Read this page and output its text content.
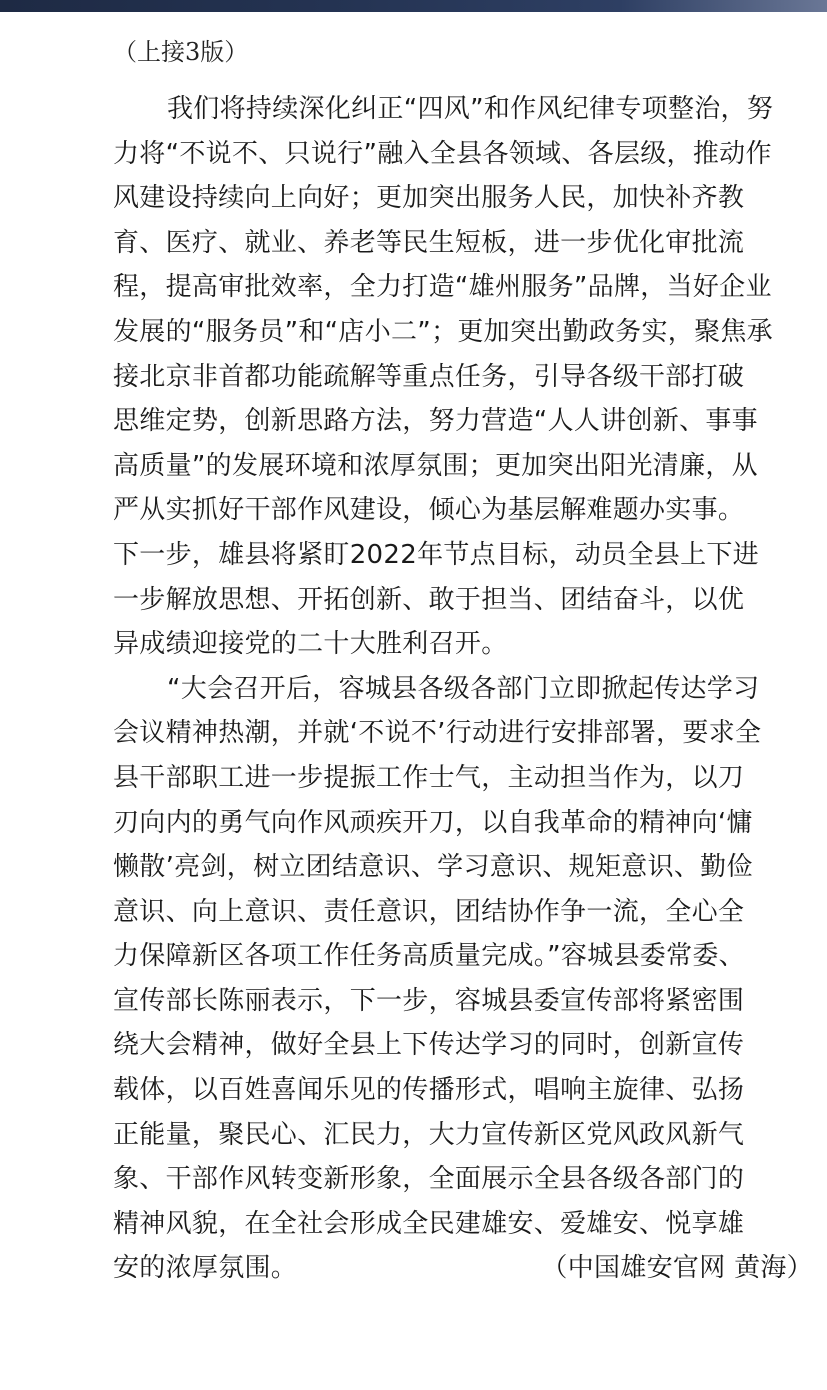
（上接3版）
我们将持续深化纠正“四风”和作风纪律专项整治，努
力将“不说不、只说行”融入全县各领域、各层级，推动作
风建设持续向上向好；更加突出服务人民，加快补齐教
育、医疗、就业、养老等民生短板，进一步优化审批流
程，提高审批效率，全力打造“雄州服务”品牌，当好企业
发展的“服务员”和“店小二”；更加突出勤政务实，聚焦承
接北京非首都功能疏解等重点任务，引导各级干部打破
思维定势，创新思路方法，努力营造“人人讲创新、事事
高质量”的发展环境和浓厚氛围；更加突出阳光清廉，从
严从实抓好干部作风建设，倾心为基层解难题办实事。
下一步，雄县将紧盯2022年节点目标，动员全县上下进
一步解放思想、开拓创新、敢于担当、团结奋斗，以优
异成绩迎接党的二十大胜利召开。
“大会召开后，容城县各级各部门立即掀起传达学习
会议精神热潮，并就‘不说不’行动进行安排部署，要求全
县干部职工进一步提振工作士气，主动担当作为，以刀
刃向内的勇气向作风顽疾开刀，以自我革命的精神向‘慵
懒散’亮剑，树立团结意识、学习意识、规矩意识、勤俭
意识、向上意识、责任意识，团结协作争一流，全心全
力保障新区各项工作任务高质量完成。”容城县委常委、
宣传部长陈丽表示，下一步，容城县委宣传部将紧密围
绕大会精神，做好全县上下传达学习的同时，创新宣传
载体，以百姓喜闻乐见的传播形式，唱响主旋律、弘扬
正能量，聚民心、汇民力，大力宣传新区党风政风新气
象、干部作风转变新形象，全面展示全县各级各部门的
精神风貌，在全社会形成全民建雄安、爱雄安、悦享雄
安的浓厚氛围。	（中国雄安官网 黄海）
